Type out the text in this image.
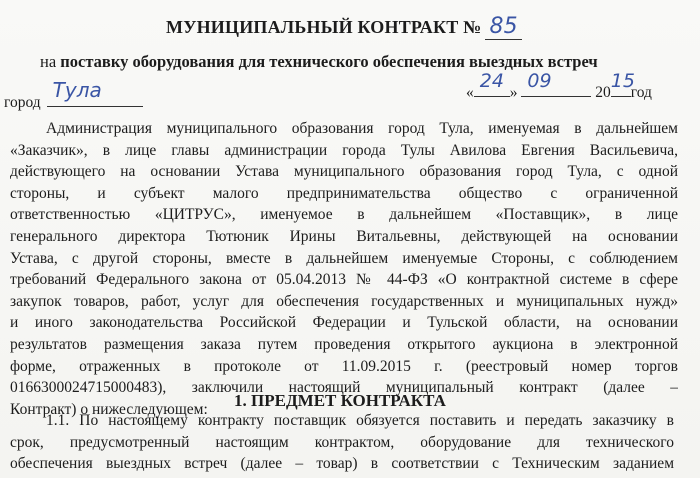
МУНИЦИПАЛЬНЫЙ КОНТРАКТ № 85
на поставку оборудования для технического обеспечения выездных встреч
город
Тула	«
24
»
09
20
15
год
Администрация муниципального образования город Тула, именуемая в дальнейшем
«Заказчик», в лице главы администрации города Тулы Авилова Евгения Васильевича,
действующего на основании Устава муниципального образования город Тула, с одной
стороны, и субъект малого предпринимательства общество с ограниченной
ответственностью «ЦИТРУС», именуемое в дальнейшем «Поставщик», в лице
генерального директора Тютюник Ирины Витальевны, действующей на основании
Устава, с другой стороны, вместе в дальнейшем именуемые Стороны, с соблюдением
требований Федерального закона от 05.04.2013 № 44-ФЗ «О контрактной системе в сфере
закупок товаров, работ, услуг для обеспечения государственных и муниципальных нужд»
и иного законодательства Российской Федерации и Тульской области, на основании
результатов размещения заказа путем проведения открытого аукциона в электронной
форме, отраженных в протоколе от 11.09.2015 г. (реестровый номер торгов
0166300024715000483), заключили настоящий муниципальный контракт (далее –
Контракт) о нижеследующем:	1. ПРЕДМЕТ КОНТРАКТА
1.1. По настоящему контракту поставщик обязуется поставить и передать заказчику в
срок, предусмотренный настоящим контрактом, оборудование для технического
обеспечения выездных встреч (далее – товар) в соответствии с Техническим заданием
